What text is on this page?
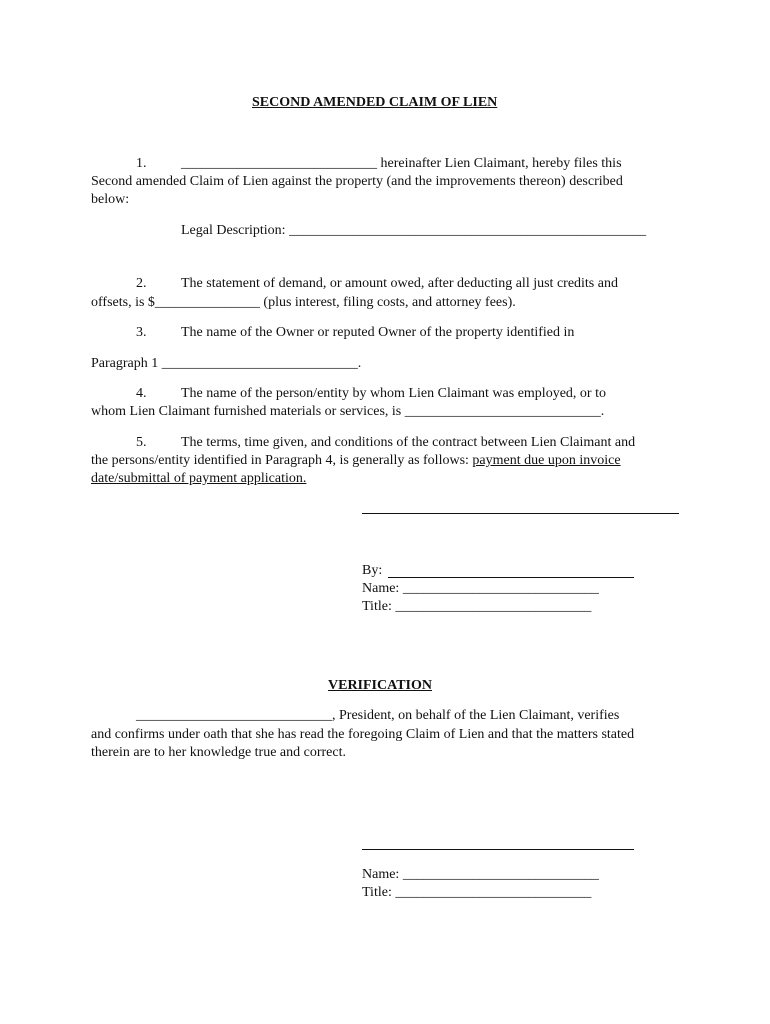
SECOND AMENDED CLAIM OF LIEN
1. ____________________________ hereinafter Lien Claimant, hereby files this
Second amended Claim of Lien against the property (and the improvements thereon) described
below:
Legal Description: ___________________________________________________
2. The statement of demand, or amount owed, after deducting all just credits and
offsets, is $_______________ (plus interest, filing costs, and attorney fees).
3. The name of the Owner or reputed Owner of the property identified in
Paragraph 1 ____________________________.
4. The name of the person/entity by whom Lien Claimant was employed, or to
whom Lien Claimant furnished materials or services, is ____________________________.
5. The terms, time given, and conditions of the contract between Lien Claimant and
the persons/entity identified in Paragraph 4, is generally as follows: payment due upon invoice
date/submittal of payment application.
By:
Name: ____________________________
Title: ____________________________
VERIFICATION
____________________________, President, on behalf of the Lien Claimant, verifies
and confirms under oath that she has read the foregoing Claim of Lien and that the matters stated
therein are to her knowledge true and correct.
Name: ____________________________
Title: ____________________________
